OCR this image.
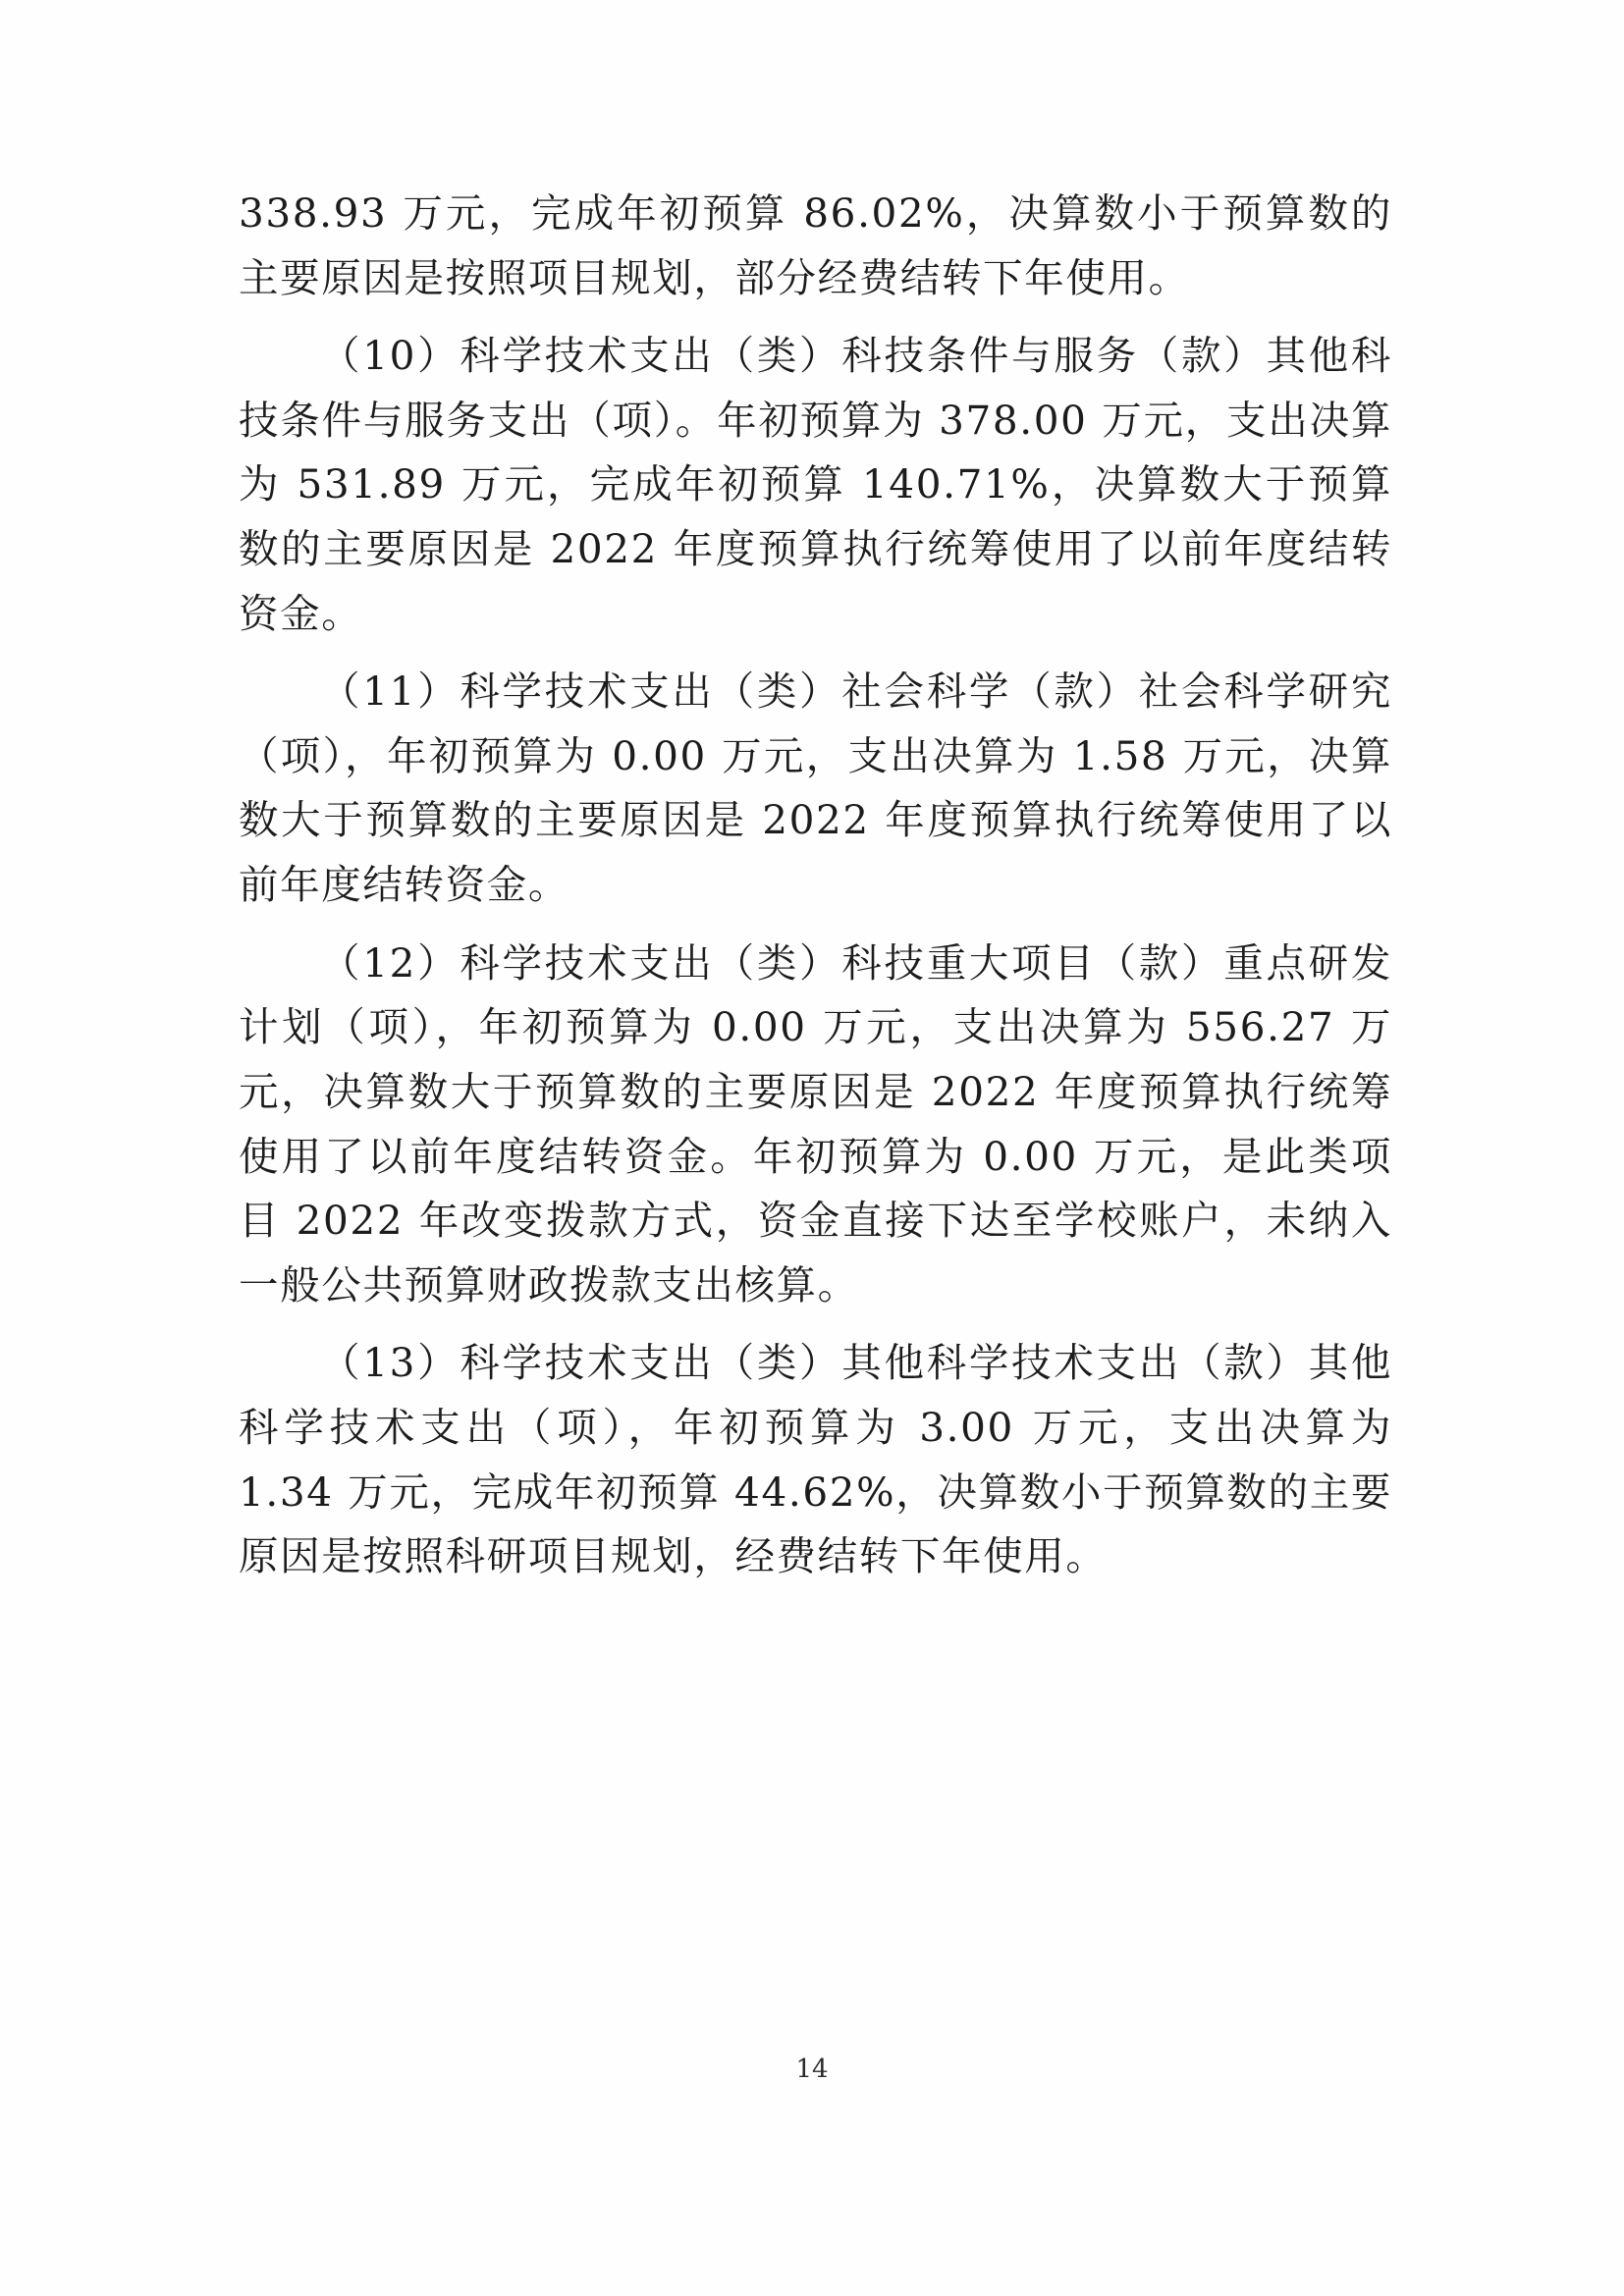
338.93 万元，完成年初预算 86.02%，决算数小于预算数的主要原因是按照项目规划，部分经费结转下年使用。

（10）科学技术支出（类）科技条件与服务（款）其他科技条件与服务支出（项）。年初预算为 378.00 万元，支出决算为 531.89 万元，完成年初预算 140.71%，决算数大于预算数的主要原因是 2022 年度预算执行统筹使用了以前年度结转资金。

（11）科学技术支出（类）社会科学（款）社会科学研究（项），年初预算为 0.00 万元，支出决算为 1.58 万元，决算数大于预算数的主要原因是 2022 年度预算执行统筹使用了以前年度结转资金。

（12）科学技术支出（类）科技重大项目（款）重点研发计划（项），年初预算为 0.00 万元，支出决算为 556.27 万元，决算数大于预算数的主要原因是 2022 年度预算执行统筹使用了以前年度结转资金。年初预算为 0.00 万元，是此类项目 2022 年改变拨款方式，资金直接下达至学校账户，未纳入一般公共预算财政拨款支出核算。

（13）科学技术支出（类）其他科学技术支出（款）其他科学技术支出（项），年初预算为 3.00 万元，支出决算为 1.34 万元，完成年初预算 44.62%，决算数小于预算数的主要原因是按照科研项目规划，经费结转下年使用。

14
